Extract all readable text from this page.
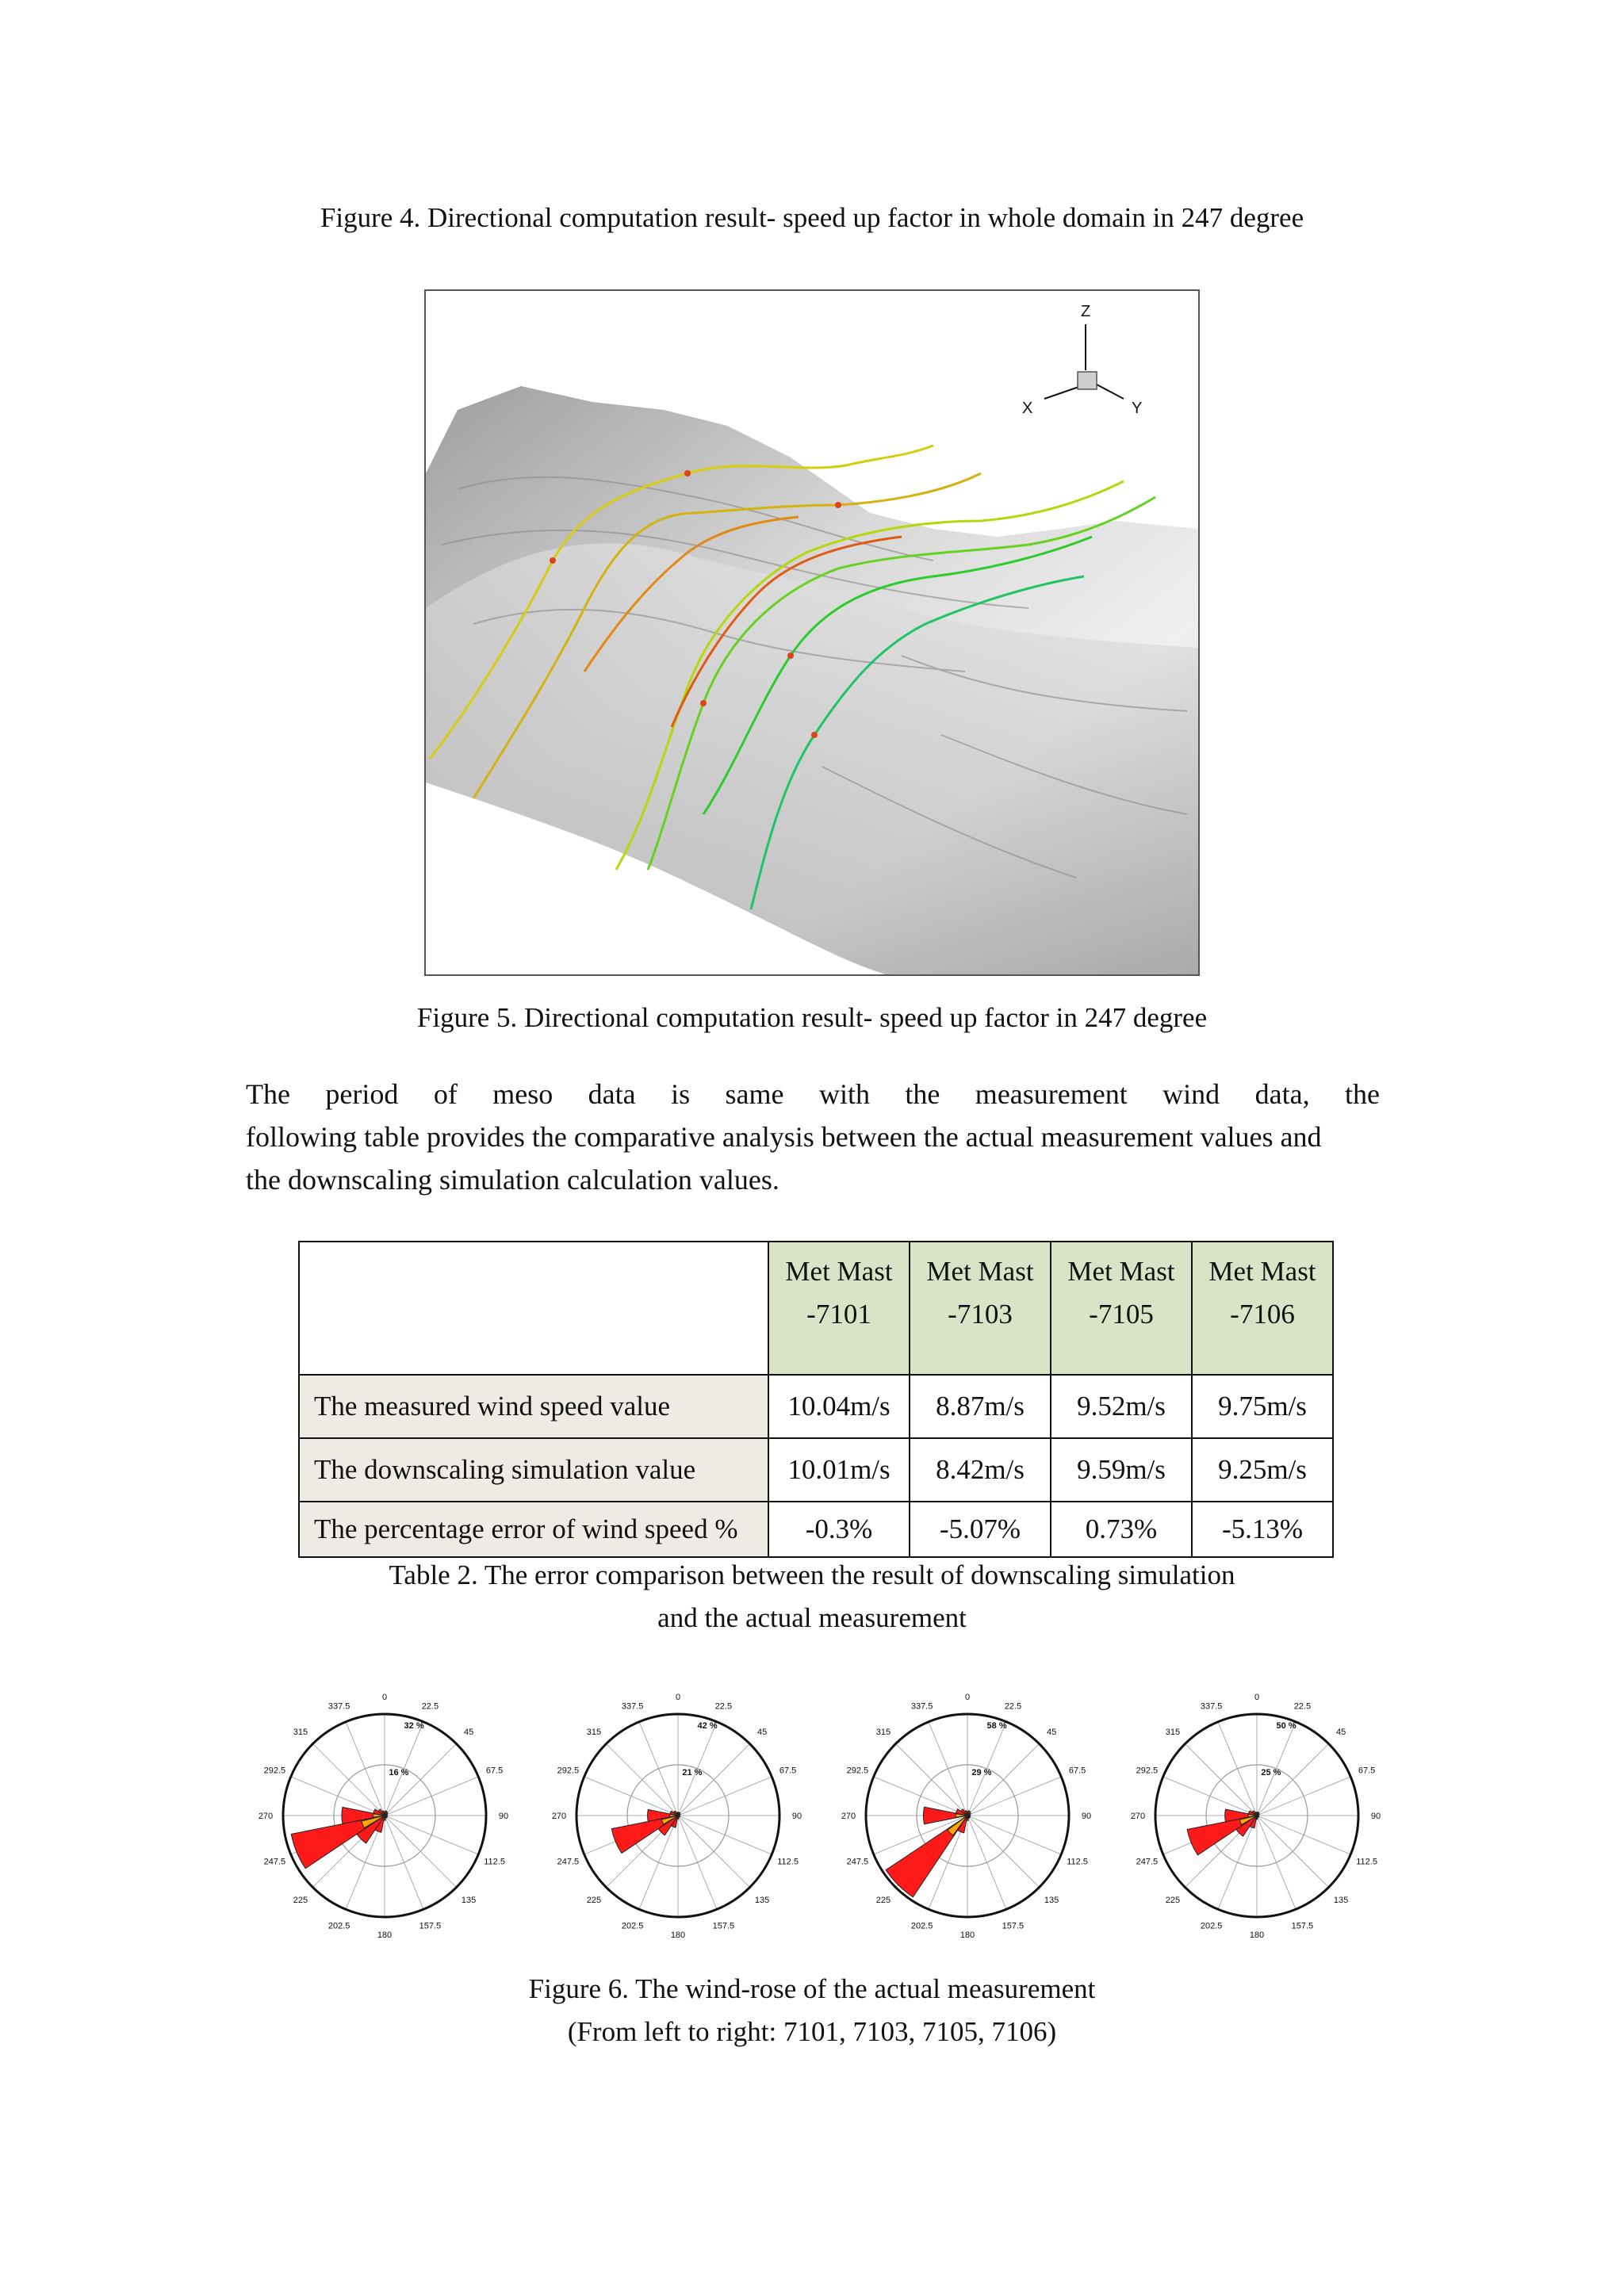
Figure 4. Directional computation result- speed up factor in whole domain in 247 degree
Z
X	Y
Figure 5. Directional computation result- speed up factor in 247 degree

The period of meso data is same with the measurement wind data, the
following table provides the comparative analysis between the actual measurement values and
the downscaling simulation calculation values.

	Met Mast
-7101	Met Mast
-7103	Met Mast
-7105	Met Mast
-7106
The measured wind speed value	10.04m/s	8.87m/s	9.52m/s	9.75m/s
The downscaling simulation value	10.01m/s	8.42m/s	9.59m/s	9.25m/s
The percentage error of wind speed %	-0.3%	-5.07%	0.73%	-5.13%
Table 2. The error comparison between the result of downscaling simulation
and the actual measurement
0
22.5
45
67.5
90
112.5
135
157.5
180
202.5
225
247.5
270
292.5
315
337.5
32 %
16 %
0
22.5
45
67.5
90
112.5
135
157.5
180
202.5
225
247.5
270
292.5
315
337.5
42 %
21 %
0
22.5
45
67.5
90
112.5
135
157.5
180
202.5
225
247.5
270
292.5
315
337.5
58 %
29 %
0
22.5
45
67.5
90
112.5
135
157.5
180
202.5
225
247.5
270
292.5
315
337.5
50 %
25 %
Figure 6. The wind-rose of the actual measurement
(From left to right: 7101, 7103, 7105, 7106)
